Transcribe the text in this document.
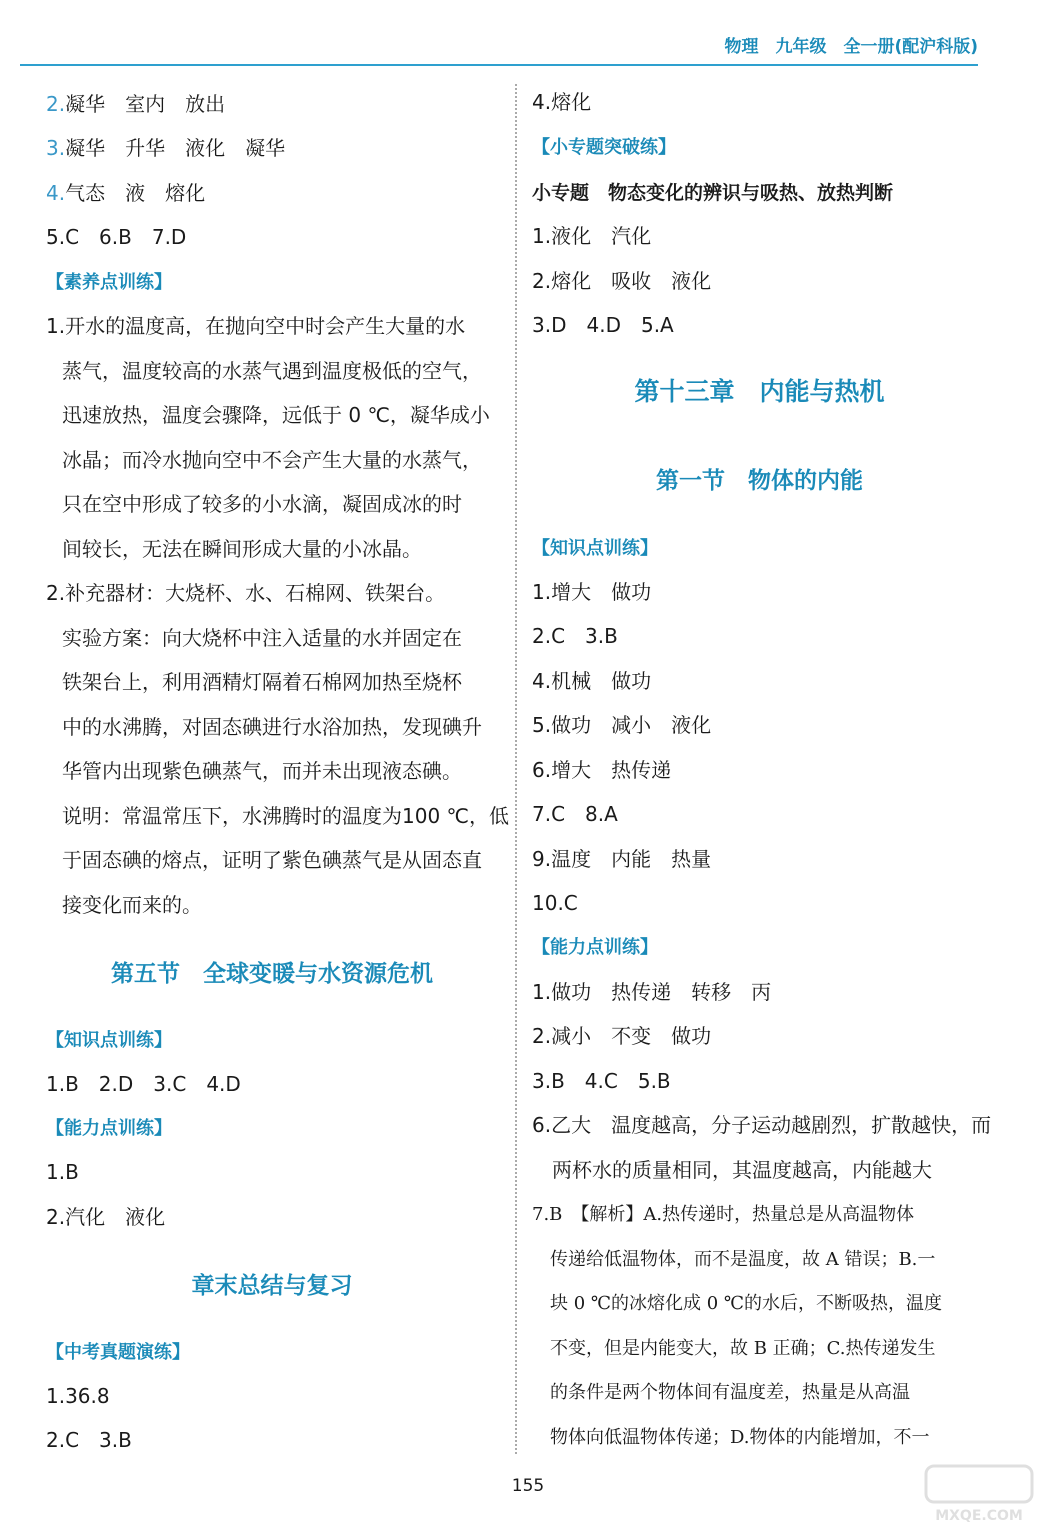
物理　九年级　全一册(配沪科版)
2.凝华　室内　放出
3.凝华　升华　液化　凝华
4.气态　液　熔化
5.C　6.B　7.D
【素养点训练】
1.开水的温度高，在抛向空中时会产生大量的水
蒸气，温度较高的水蒸气遇到温度极低的空气，
迅速放热，温度会骤降，远低于 0 ℃，凝华成小
冰晶；而冷水抛向空中不会产生大量的水蒸气，
只在空中形成了较多的小水滴，凝固成冰的时
间较长，无法在瞬间形成大量的小冰晶。
2.补充器材：大烧杯、水、石棉网、铁架台。
实验方案：向大烧杯中注入适量的水并固定在
铁架台上，利用酒精灯隔着石棉网加热至烧杯
中的水沸腾，对固态碘进行水浴加热，发现碘升
华管内出现紫色碘蒸气，而并未出现液态碘。
说明：常温常压下，水沸腾时的温度为100 ℃，低
于固态碘的熔点，证明了紫色碘蒸气是从固态直
接变化而来的。
第五节　全球变暖与水资源危机
【知识点训练】
1.B　2.D　3.C　4.D
【能力点训练】
1.B
2.汽化　液化
章末总结与复习
【中考真题演练】
1.36.8
2.C　3.B
4.熔化
【小专题突破练】
小专题　物态变化的辨识与吸热、放热判断
1.液化　汽化
2.熔化　吸收　液化
3.D　4.D　5.A
第十三章　内能与热机
第一节　物体的内能
【知识点训练】
1.增大　做功
2.C　3.B
4.机械　做功
5.做功　减小　液化
6.增大　热传递
7.C　8.A
9.温度　内能　热量
10.C
【能力点训练】
1.做功　热传递　转移　丙
2.减小　不变　做功
3.B　4.C　5.B
6.乙大　温度越高，分子运动越剧烈，扩散越快，而
　两杯水的质量相同，其温度越高，内能越大
7.B　【解析】A.热传递时，热量总是从高温物体
　传递给低温物体，而不是温度，故 A 错误；B.一
　块 0 ℃的冰熔化成 0 ℃的水后，不断吸热，温度
　不变，但是内能变大，故 B 正确；C.热传递发生
　的条件是两个物体间有温度差，热量是从高温
　物体向低温物体传递；D.物体的内能增加，不一
155
MXQE.COM
